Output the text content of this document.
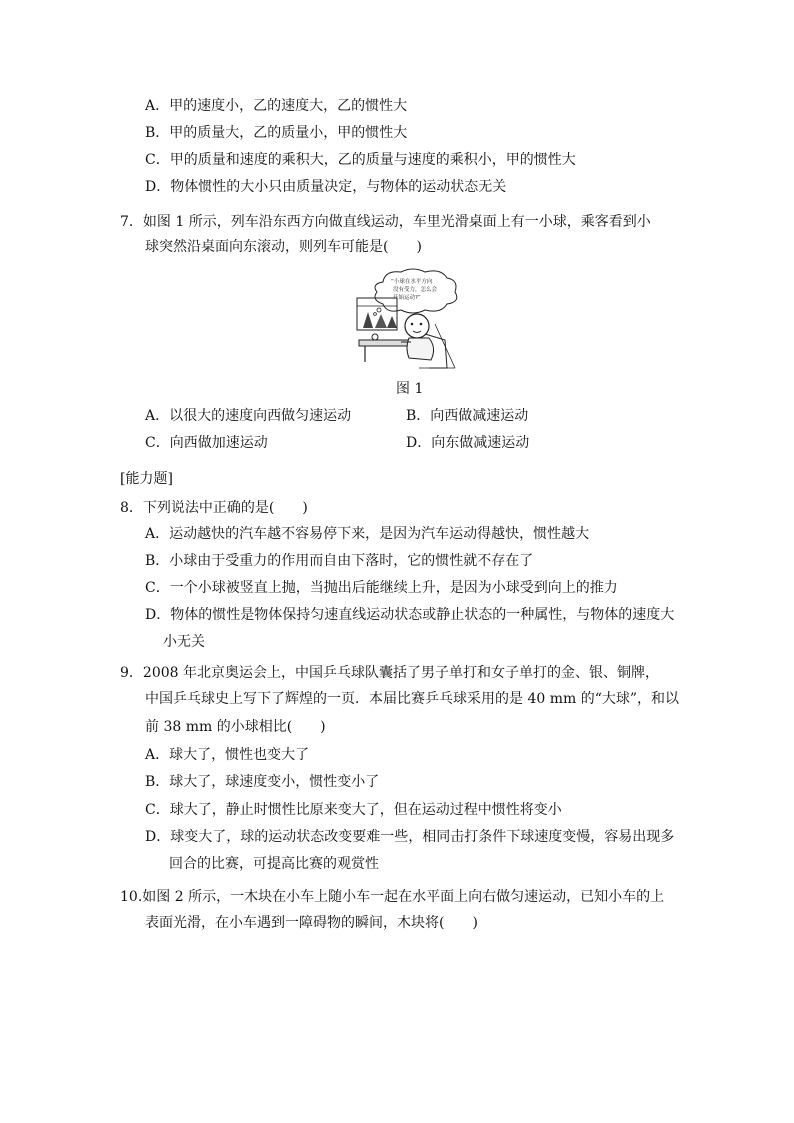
A．甲的速度小，乙的速度大，乙的惯性大
B．甲的质量大，乙的质量小，甲的惯性大
C．甲的质量和速度的乘积大，乙的质量与速度的乘积小，甲的惯性大
D．物体惯性的大小只由质量决定，与物体的运动状态无关
7．如图 1 所示，列车沿东西方向做直线运动，车里光滑桌面上有一小球，乘客看到小
球突然沿桌面向东滚动，则列车可能是(　　)
“小球在水平方向
没有受力，怎么会
开始运动?”
图 1
A．以很大的速度向西做匀速运动	B．向西做减速运动
C．向西做加速运动	D．向东做减速运动
[能力题]
8．下列说法中正确的是(　　)
A．运动越快的汽车越不容易停下来，是因为汽车运动得越快，惯性越大
B．小球由于受重力的作用而自由下落时，它的惯性就不存在了
C．一个小球被竖直上抛，当抛出后能继续上升，是因为小球受到向上的推力
D．物体的惯性是物体保持匀速直线运动状态或静止状态的一种属性，与物体的速度大
小无关
9．2008 年北京奥运会上，中国乒乓球队囊括了男子单打和女子单打的金、银、铜牌，
中国乒乓球史上写下了辉煌的一页．本届比赛乒乓球采用的是 40 mm 的“大球”，和以
前 38 mm 的小球相比(　　)
A．球大了，惯性也变大了
B．球大了，球速度变小，惯性变小了
C．球大了，静止时惯性比原来变大了，但在运动过程中惯性将变小
D．球变大了，球的运动状态改变要难一些，相同击打条件下球速度变慢，容易出现多
回合的比赛，可提高比赛的观赏性
10.如图 2 所示，一木块在小车上随小车一起在水平面上向右做匀速运动，已知小车的上
表面光滑，在小车遇到一障碍物的瞬间，木块将(　　)
